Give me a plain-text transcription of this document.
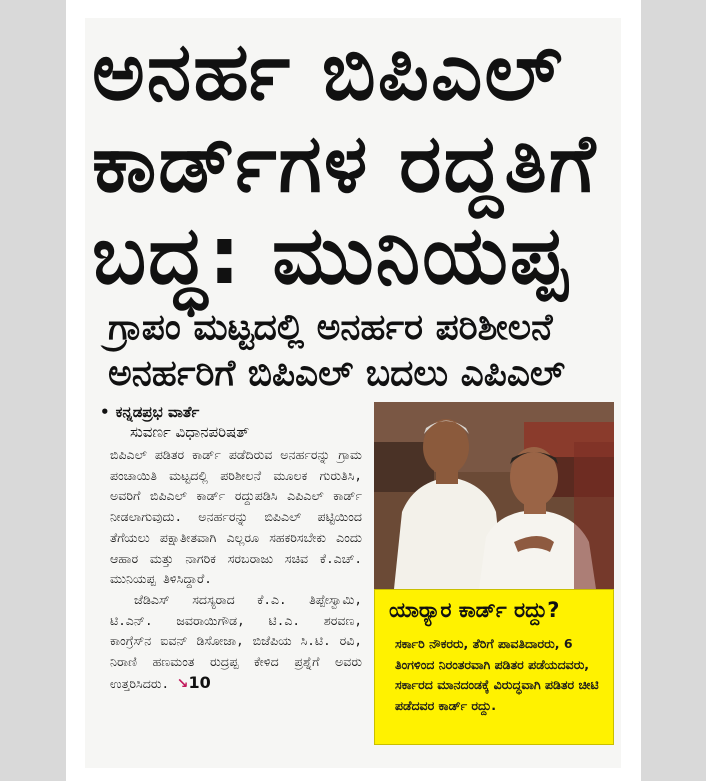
ಅನರ್ಹ ಬಿಪಿಎಲ್
ಕಾರ್ಡ್‌ಗಳ ರದ್ದತಿಗೆ
ಬದ್ಧ: ಮುನಿಯಪ್ಪ
ಗ್ರಾಪಂ ಮಟ್ಟದಲ್ಲಿ ಅನರ್ಹರ ಪರಿಶೀಲನೆ
ಅನರ್ಹರಿಗೆ ಬಿಪಿಎಲ್ ಬದಲು ಎಪಿಎಲ್
• ಕನ್ನಡಪ್ರಭ ವಾರ್ತೆ
ಸುವರ್ಣ ವಿಧಾನಪರಿಷತ್

ಬಿಪಿಎಲ್ ಪಡಿತರ ಕಾರ್ಡ್ ಪಡೆದಿರುವ ಅನರ್ಹರನ್ನು ಗ್ರಾಮ ಪಂಚಾಯಿತಿ ಮಟ್ಟದಲ್ಲಿ ಪರಿಶೀಲನೆ ಮೂಲಕ ಗುರುತಿಸಿ, ಅವರಿಗೆ ಬಿಪಿಎಲ್ ಕಾರ್ಡ್ ರದ್ದುಪಡಿಸಿ ಎಪಿಎಲ್ ಕಾರ್ಡ್ ನೀಡಲಾಗುವುದು. ಅನರ್ಹರನ್ನು ಬಿಪಿಎಲ್ ಪಟ್ಟಿಯಿಂದ ತೆಗೆಯಲು ಪಕ್ಷಾತೀತವಾಗಿ ಎಲ್ಲರೂ ಸಹಕರಿಸಬೇಕು ಎಂದು ಆಹಾರ ಮತ್ತು ನಾಗರಿಕ ಸರಬರಾಜು ಸಚಿವ ಕೆ.ಎಚ್. ಮುನಿಯಪ್ಪ ತಿಳಿಸಿದ್ದಾರೆ.

ಜೆಡಿಎಸ್ ಸದಸ್ಯರಾದ ಕೆ.ಎ. ತಿಪ್ಪೇಸ್ವಾಮಿ, ಟಿ.ಎನ್. ಜವರಾಯಿಗೌಡ, ಟಿ.ಎ. ಶರವಣ, ಕಾಂಗ್ರೆಸ್‌ನ ಐವನ್ ಡಿಸೋಜಾ, ಬಿಜೆಪಿಯ ಸಿ.ಟಿ. ರವಿ, ನಿರಾಣಿ ಹಣಮಂತ ರುದ್ರಪ್ಪ ಕೇಳಿದ ಪ್ರಶ್ನೆಗೆ ಅವರು ಉತ್ತರಿಸಿದರು. ↘10

ಯಾರ‍್ಯಾರ ಕಾರ್ಡ್ ರದ್ದು?
ಸರ್ಕಾರಿ ನೌಕರರು, ತೆರಿಗೆ ಪಾವತಿದಾರರು, 6 ತಿಂಗಳಿಂದ ನಿರಂತರವಾಗಿ ಪಡಿತರ ಪಡೆಯದವರು, ಸರ್ಕಾರದ ಮಾನದಂಡಕ್ಕೆ ವಿರುದ್ಧವಾಗಿ ಪಡಿತರ ಚೀಟಿ ಪಡೆದವರ ಕಾರ್ಡ್ ರದ್ದು.
